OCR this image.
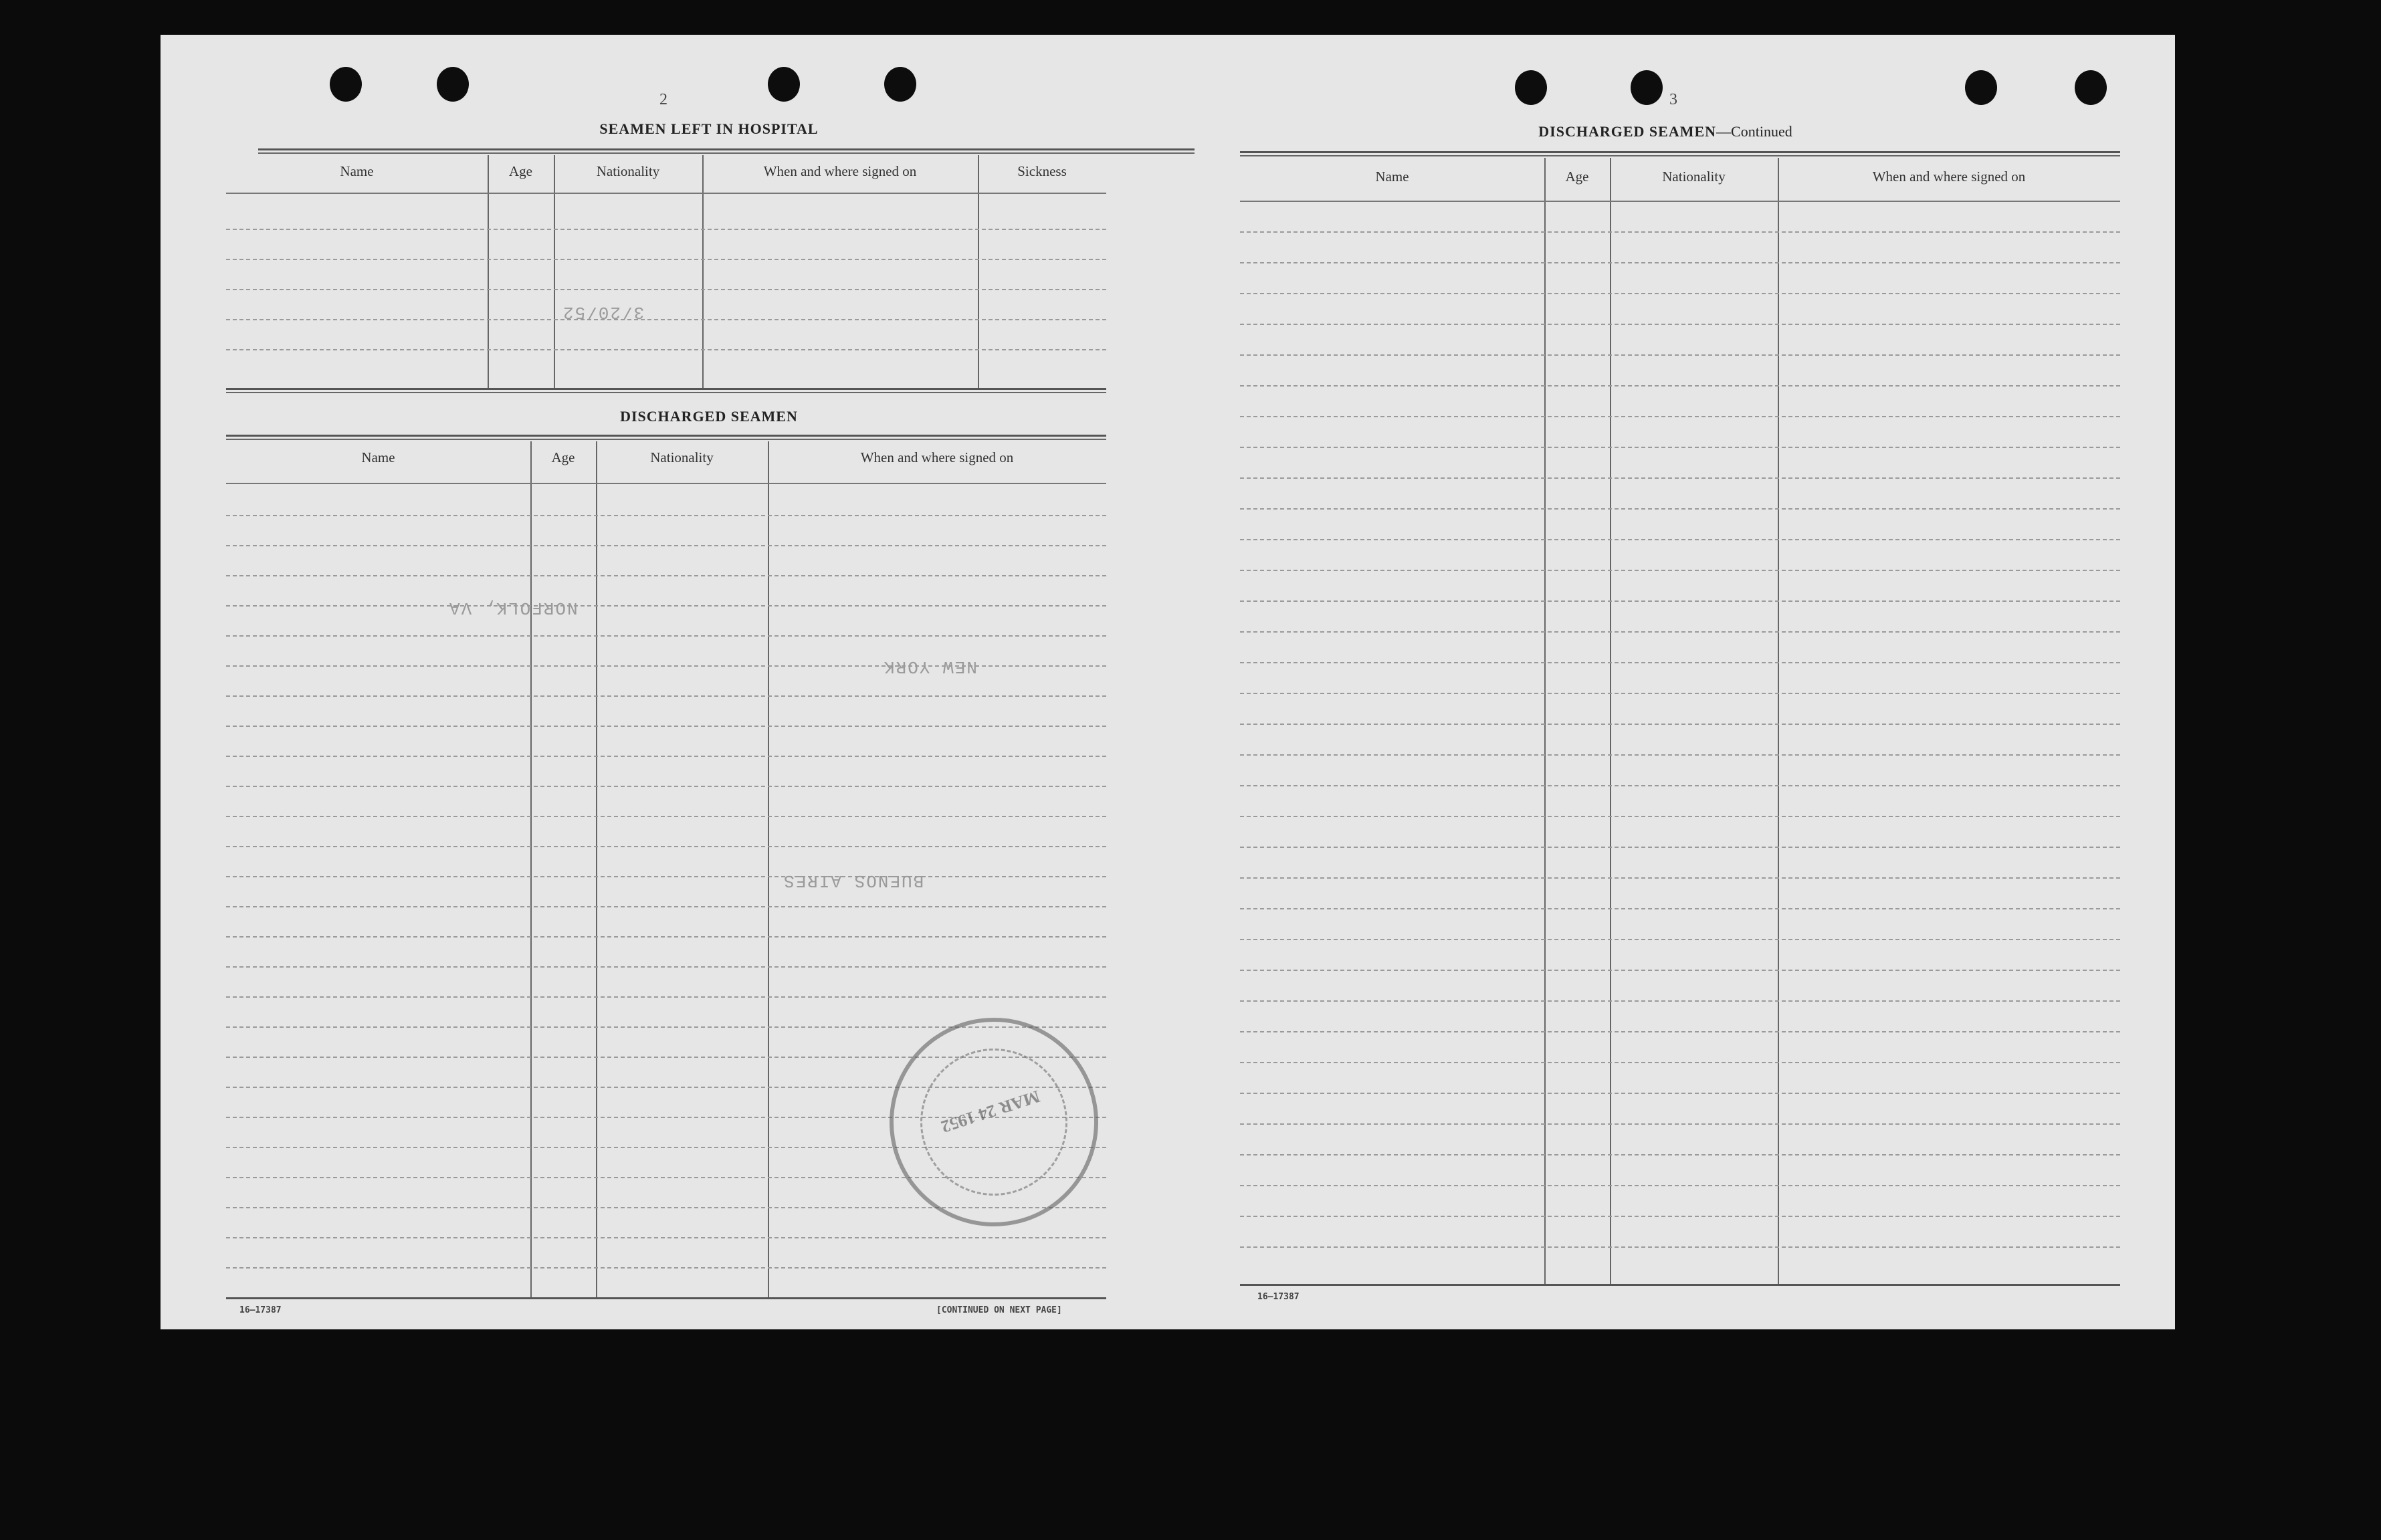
2
SEAMEN LEFT IN HOSPITAL
Name	Age	Nationality	When and where signed on	Sickness
DISCHARGED SEAMEN
Name	Age	Nationality	When and where signed on
16—17387	[CONTINUED ON NEXT PAGE]
MAR 24 1952
NORFOLK, VA
BUENOS AIRES
3/20/52
NEW YORK
3
DISCHARGED SEAMEN—Continued
Name	Age	Nationality	When and where signed on
16—17387
